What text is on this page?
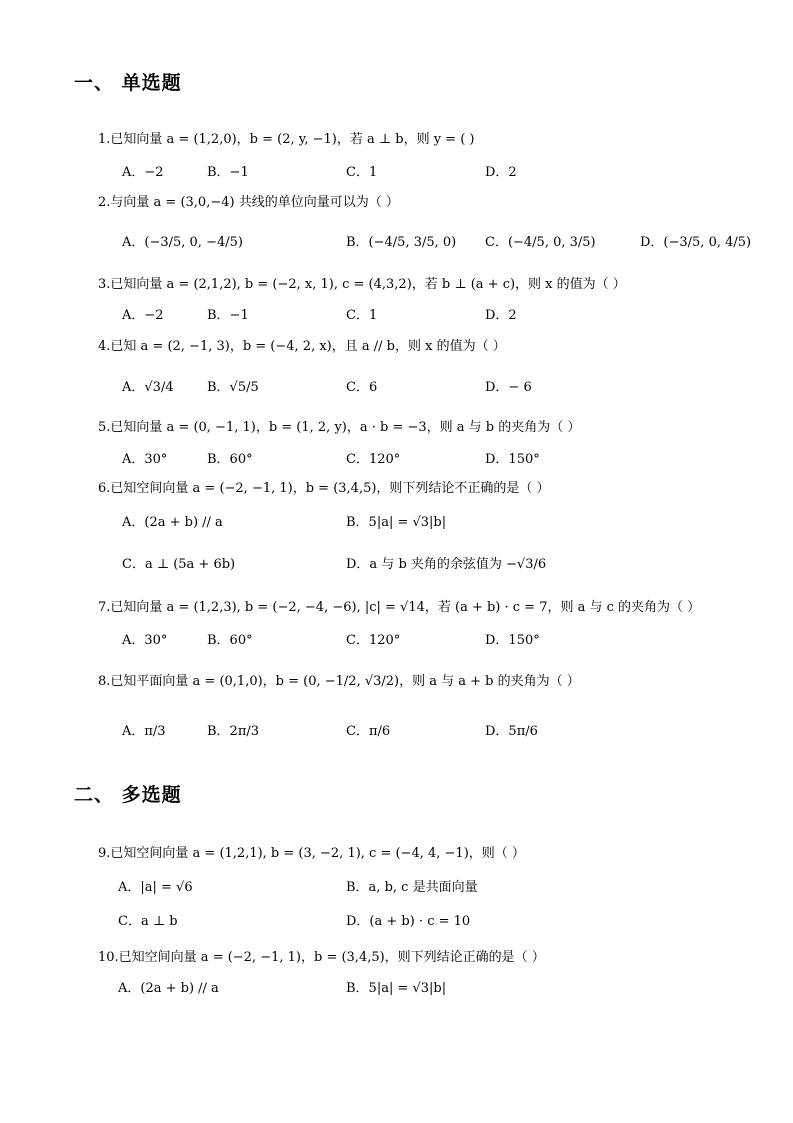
一、 单选题
1.已知向量 a = (1,2,0)，b = (2, y, −1)，若 a ⊥ b，则 y = ( )
A．−2	B．−1	C．1	D．2
2.与向量 a = (3,0,−4) 共线的单位向量可以为（ ）
A．(−3/5, 0, −4/5)	B．(−4/5, 3/5, 0) C．(−4/5, 0, 3/5)	D．(−3/5, 0, 4/5)
3.已知向量 a = (2,1,2), b = (−2, x, 1), c = (4,3,2)，若 b ⊥ (a + c)，则 x 的值为（ ）
A．−2	B．−1	C．1	D．2
4.已知 a = (2, −1, 3)，b = (−4, 2, x)，且 a // b，则 x 的值为（ ）
A．√3/4	B．√5/5	C．6	D．− 6
5.已知向量 a = (0, −1, 1)，b = (1, 2, y)，a · b = −3，则 a 与 b 的夹角为（ ）
A．30°	B．60°	C．120°	D．150°
6.已知空间向量 a = (−2, −1, 1)，b = (3,4,5)，则下列结论不正确的是（ ）
A．(2a + b) // a	B．5|a| = √3|b|
C．a ⊥ (5a + 6b)	D．a 与 b 夹角的余弦值为 −√3/6
7.已知向量 a = (1,2,3), b = (−2, −4, −6), |c| = √14，若 (a + b) · c = 7，则 a 与 c 的夹角为（ ）
A．30°	B．60°	C．120°	D．150°
8.已知平面向量 a = (0,1,0)，b = (0, −1/2, √3/2)，则 a 与 a + b 的夹角为（ ）
A．π/3	B．2π/3	C．π/6	D．5π/6
二、 多选题
9.已知空间向量 a = (1,2,1), b = (3, −2, 1), c = (−4, 4, −1)，则（ ）
A．|a| = √6	B．a, b, c 是共面向量
C．a ⊥ b	D．(a + b) · c = 10
10.已知空间向量 a = (−2, −1, 1)，b = (3,4,5)，则下列结论正确的是（ ）
A．(2a + b) // a	B．5|a| = √3|b|
